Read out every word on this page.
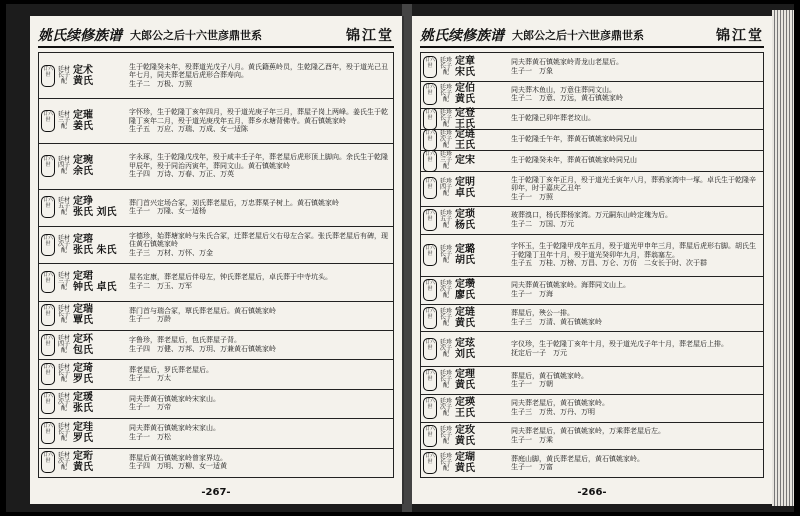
姚氏续修族谱 大郎公之后十六世彦鼎世系	锦江堂
廿六世
廷材长子配
定术
黄氏
生于乾隆癸未年，殁葬道光戊子八月。黄氏籍蕉岭员，生乾隆乙酉年，殁于道光己丑年七月，同夫葬老屋后虎形合葬寿向。
生子二　万极、万照
廿六世
廷材三子配
定璀
姜氏
字怀珍，生于乾隆丁亥年四月，殁于道光庚子年三月，葬屋子岗上两峰。姜氏生于乾隆丁亥年二月，殁于道光庚戌年五月，葬乡水塘背佛寺。黄石镇姚家岭
生子五　万应、万瑞、万成、女一适陈
廿六世
廷材四子配
定琬
余氏
字永琢，生于乾隆戊戌年，殁于咸丰壬子年，葬老屋后虎形顶上脚向。余氏生于乾隆甲辰年，殁于同治丙寅年，葬同文山。黄石镇姚家岭
生子四　万诗、万春、万正、万英
廿六世
廷材五子配
定琤
张氏 刘氏
葬门首兴定场合冢，刘氏葬老屋后，万忠葬栗子树上。黄石镇姚家岭
生子一　万隆、女一适杨
廿六世
廷材次子配
定瑢
张氏 朱氏
字德珍，始葬塘家岭与朱氏合冢，迁葬老屋后父右母左合冢。张氏葬老屋后有碑，现住黄石镇姚家岭
生子三　万材、万怀、万金
廿六世
廷材三子配
定珺
钟氏 卓氏
屋名定康，葬老屋后伴母左，钟氏葬老屋后，卓氏葬于中寺坑头。
生子二　万玉、万军
廿六世
廷材长子配
定瑞
覃氏
葬门首与瑞合冢，覃氏葬老屋后。黄石镇姚家岭
生子一　万龄
廿六世
廷材四子配
定环
包氏
字鲁珍，葬老屋后，包氏葬屋子背。
生子四　万健、万邦、万玥、万兼黄石镇姚家岭
廿六世
廷材长子配
定琦
罗氏
葬老屋后，罗氏葬老屋后。
生子一　万太
廿六世
廷材次子配
定瑗
张氏
同夫葬黄石镇姚家岭宋家山。
生子一　万帝
廿六世
廷材长子配
定珪
罗氏
同夫葬黄石镇姚家岭宋家山。
生子一　万松
廿六世
廷材次子配
定珩
黄氏
葬屋后黄石镇姚家岭曾家界边。
生子四　万明、万柳、女一适黄
-267-
姚氏续修族谱 大郎公之后十六世彦鼎世系	锦江堂
廿六世
廷珍长子配
定章
宋氏
同夫葬黄石镇姚家岭青龙山老屋后。
生子一　万象
廿六世
廷珍长子配
定伯
黄氏
同夫葬木鱼山，万意住葬同文山。
生子二　万意、万远，黄石镇姚家岭
廿六世
廷珍长子配
定登
王氏
生于乾隆己卯年葬老坟山。
廿六世
廷珍次子配
定琏
王氏
生于乾隆壬午年，葬黄石镇姚家岭同兄山
廿六世
廷珍三子配 定宋	生于乾隆癸未年，葬黄石镇姚家岭同兄山
廿六世
廷珍四子配
定明
卓氏
生于乾隆丁亥年正月，殁于道光壬寅年八月，葬鸦家湾中一塚。卓氏生于乾隆辛卯年，时于嘉庆乙丑年
生子一　万照
廿六世
廷珍五子配
定琐
杨氏
玻葬溴口，杨氏葬杨家湾。万元嗣东山岭定瑰为后。
生子二　万国、万元
廿六世
廷珍长子配
定璐
胡氏
字怀玉，生于乾隆甲戌年五月，殁于道光甲申年三月，葬屋后虎形右脚。胡氏生于乾隆丁丑年十月，殁于道光癸卯年九月，葬翁塞左。
生子五　万桂、万榜、万昌、万仑、万仿　二女长于时、次于群
廿六世
廷珍次子配
定瓒
廖氏
同夫葬黄石镇姚家岭。海葬同文山上。
生子一　万海
廿六世
廷珍长子配
定琏
黄氏
葬屋后，殃公一排。
生子三　万清、黄石镇姚家岭
廿六世
廷珍次子配
定玹
刘氏
字仪珍，生于乾隆丁亥年十月，殁于道光戊子年十月，葬老屋后上排。
抚定后一子　万元
廿六世
廷珍长子配
定理
黄氏
葬屋后，黄石镇姚家岭。
生子一　万朝
廿六世
廷珍次子配
定瑛
王氏
同夫葬老屋后，黄石镇姚家岭。
生子三　万贵、万丹、万明
廿六世
廷珍长子配
定玫
黄氏
同夫葬老屋后，黄石镇姚家岭，万乘葬老屋后左。
生子一　万乘
廿六世
廷珍长子配
定瑚
黄氏
葬庭山脚，黄氏葬老屋后，黄石镇姚家岭。
生子一　万富
-266-
